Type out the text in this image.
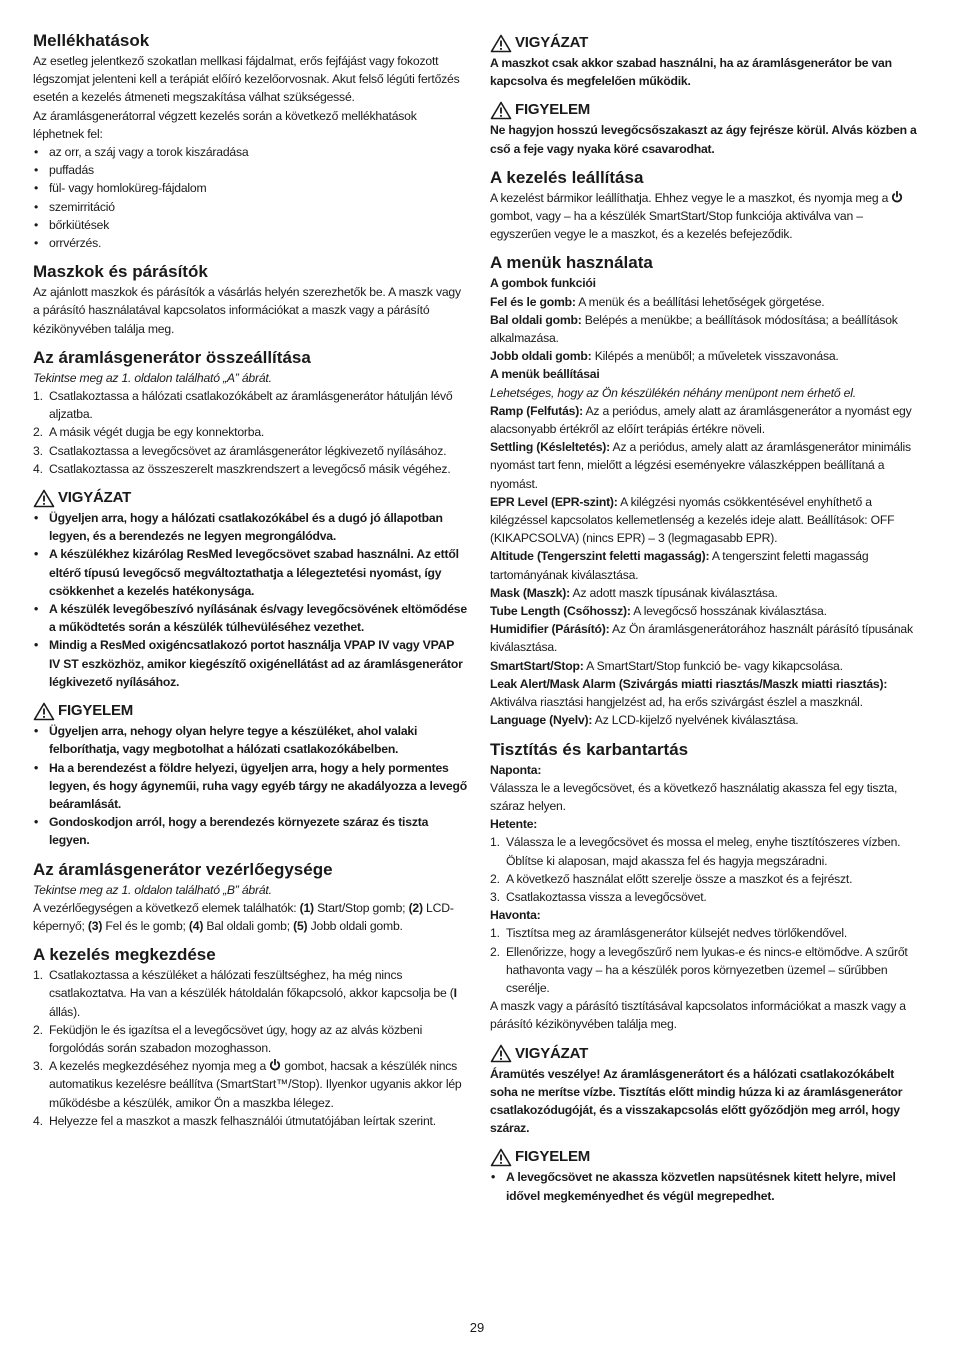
Mellékhatások

Az esetleg jelentkező szokatlan mellkasi fájdalmat, erős fejfájást vagy fokozott légszomjat jelenteni kell a terápiát előíró kezelőorvosnak. Akut felső légúti fertőzés esetén a kezelés átmeneti megszakítása válhat szükségessé.

Az áramlásgenerátorral végzett kezelés során a következő mellékhatások léphetnek fel:

• az orr, a száj vagy a torok kiszáradása
• puffadás
• fül- vagy homloküreg-fájdalom
• szemirritáció
• bőrkiütések
• orrvérzés.
Maszkok és párásítók

Az ajánlott maszkok és párásítók a vásárlás helyén szerezhetők be. A maszk vagy a párásító használatával kapcsolatos információkat a maszk vagy a párásító kézikönyvében találja meg.

Az áramlásgenerátor összeállítása

Tekintse meg az 1. oldalon található „A” ábrát.

1. Csatlakoztassa a hálózati csatlakozókábelt az áramlásgenerátor hátulján lévő aljzatba.
2. A másik végét dugja be egy konnektorba.
3. Csatlakoztassa a levegőcsövet az áramlásgenerátor légkivezető nyílásához.
4. Csatlakoztassa az összeszerelt maszkrendszert a levegőcső másik végéhez.
VIGYÁZAT
• Ügyeljen arra, hogy a hálózati csatlakozókábel és a dugó jó állapotban legyen, és a berendezés ne legyen megrongálódva.
• A készülékhez kizárólag ResMed levegőcsövet szabad használni. Az ettől eltérő típusú levegőcső megváltoztathatja a lélegeztetési nyomást, így csökkenhet a kezelés hatékonysága.
• A készülék levegőbeszívó nyílásának és/vagy levegőcsövének eltömődése a működtetés során a készülék túlhevüléséhez vezethet.
• Mindig a ResMed oxigéncsatlakozó portot használja VPAP IV vagy VPAP IV ST eszközhöz, amikor kiegészítő oxigénellátást ad az áramlásgenerátor légkivezető nyílásához.
FIGYELEM
• Ügyeljen arra, nehogy olyan helyre tegye a készüléket, ahol valaki felboríthatja, vagy megbotolhat a hálózati csatlakozókábelben.
• Ha a berendezést a földre helyezi, ügyeljen arra, hogy a hely pormentes legyen, és hogy ágyneműi, ruha vagy egyéb tárgy ne akadályozza a levegő beáramlását.
• Gondoskodjon arról, hogy a berendezés környezete száraz és tiszta legyen.
Az áramlásgenerátor vezérlőegysége

Tekintse meg az 1. oldalon található „B” ábrát.

A vezérlőegységen a következő elemek találhatók: (1) Start/Stop gomb; (2) LCD-képernyő; (3) Fel és le gomb; (4) Bal oldali gomb; (5) Jobb oldali gomb.

A kezelés megkezdése
1. Csatlakoztassa a készüléket a hálózati feszültséghez, ha még nincs csatlakoztatva. Ha van a készülék hátoldalán főkapcsoló, akkor kapcsolja be (I állás).
2. Feküdjön le és igazítsa el a levegőcsövet úgy, hogy az az alvás közbeni forgolódás során szabadon mozoghasson.
3. A kezelés megkezdéséhez nyomja meg a  gombot, hacsak a készülék nincs automatikus kezelésre beállítva (SmartStart™/Stop). Ilyenkor ugyanis akkor lép működésbe a készülék, amikor Ön a maszkba lélegez.
4. Helyezze fel a maszkot a maszk felhasználói útmutatójában leírtak szerint.
VIGYÁZAT

A maszkot csak akkor szabad használni, ha az áramlásgenerátor be van kapcsolva és megfelelően működik.

FIGYELEM

Ne hagyjon hosszú levegőcsőszakaszt az ágy fejrésze körül. Alvás közben a cső a feje vagy nyaka köré csavarodhat.

A kezelés leállítása

A kezelést bármikor leállíthatja. Ehhez vegye le a maszkot, és nyomja meg a  gombot, vagy – ha a készülék SmartStart/Stop funkciója aktiválva van – egyszerűen vegye le a maszkot, és a kezelés befejeződik.

A menük használata

A gombok funkciói

Fel és le gomb: A menük és a beállítási lehetőségek görgetése.

Bal oldali gomb: Belépés a menükbe; a beállítások módosítása; a beállítások alkalmazása.

Jobb oldali gomb: Kilépés a menüből; a műveletek visszavonása.

A menük beállításai

Lehetséges, hogy az Ön készülékén néhány menüpont nem érhető el.

Ramp (Felfutás): Az a periódus, amely alatt az áramlásgenerátor a nyomást egy alacsonyabb értékről az előírt terápiás értékre növeli.

Settling (Késleltetés): Az a periódus, amely alatt az áramlásgenerátor minimális nyomást tart fenn, mielőtt a légzési eseményekre válaszképpen beállítaná a nyomást.

EPR Level (EPR-szint): A kilégzési nyomás csökkentésével enyhíthető a kilégzéssel kapcsolatos kellemetlenség a kezelés ideje alatt. Beállítások: OFF (KIKAPCSOLVA) (nincs EPR) – 3 (legmagasabb EPR).

Altitude (Tengerszint feletti magasság): A tengerszint feletti magasság tartományának kiválasztása.

Mask (Maszk): Az adott maszk típusának kiválasztása.

Tube Length (Csőhossz): A levegőcső hosszának kiválasztása.

Humidifier (Párásító): Az Ön áramlásgenerátorához használt párásító típusának kiválasztása.

SmartStart/Stop: A SmartStart/Stop funkció be- vagy kikapcsolása.

Leak Alert/Mask Alarm (Szivárgás miatti riasztás/Maszk miatti riasztás): Aktiválva riasztási hangjelzést ad, ha erős szivárgást észlel a maszknál.

Language (Nyelv): Az LCD-kijelző nyelvének kiválasztása.

Tisztítás és karbantartás

Naponta:

Válassza le a levegőcsövet, és a következő használatig akassza fel egy tiszta, száraz helyen.

Hetente:

1. Válassza le a levegőcsövet és mossa el meleg, enyhe tisztítószeres vízben. Öblítse ki alaposan, majd akassza fel és hagyja megszáradni.
2. A következő használat előtt szerelje össze a maszkot és a fejrészt.
3. Csatlakoztassa vissza a levegőcsövet.

Havonta:

1. Tisztítsa meg az áramlásgenerátor külsejét nedves törlőkendővel.
2. Ellenőrizze, hogy a levegőszűrő nem lyukas-e és nincs-e eltömődve. A szűrőt hathavonta vagy – ha a készülék poros környezetben üzemel – sűrűbben cserélje.

A maszk vagy a párásító tisztításával kapcsolatos információkat a maszk vagy a párásító kézikönyvében találja meg.

VIGYÁZAT

Áramütés veszélye! Az áramlásgenerátort és a hálózati csatlakozókábelt soha ne merítse vízbe. Tisztítás előtt mindig húzza ki az áramlásgenerátor csatlakozódugóját, és a visszakapcsolás előtt győződjön meg arról, hogy száraz.

FIGYELEM
• A levegőcsövet ne akassza közvetlen napsütésnek kitett helyre, mivel idővel megkeményedhet és végül megrepedhet.
29
